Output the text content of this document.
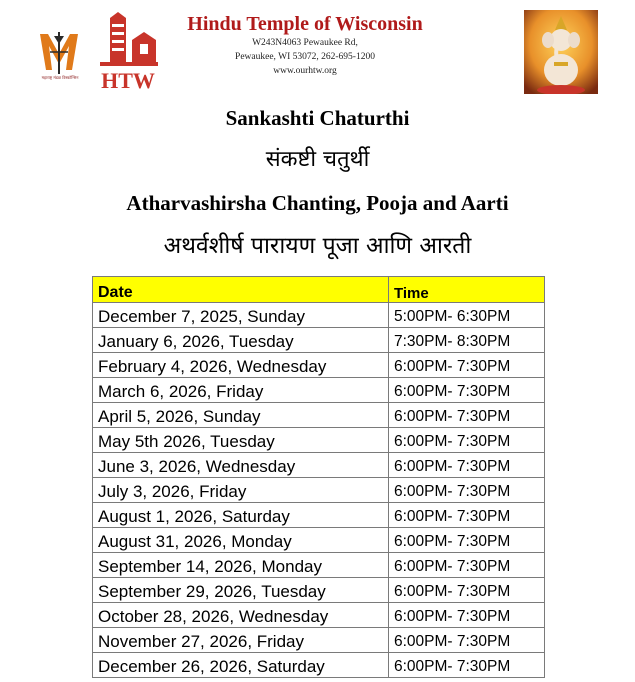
महाराष्ट्र मंडळ विस्कॉन्सिन HTW

Hindu Temple of Wisconsin

W243N4063 Pewaukee Rd,

Pewaukee, WI 53072, 262-695-1200

www.ourhtw.org

Sankashti Chaturthi

संकष्टी चतुर्थी

Atharvashirsha Chanting, Pooja and Aarti

अथर्वशीर्ष पारायण पूजा आणि आरती

Date	Time
December 7, 2025, Sunday	5:00PM- 6:30PM
January 6, 2026, Tuesday	7:30PM- 8:30PM
February 4, 2026, Wednesday	6:00PM- 7:30PM
March 6, 2026, Friday	6:00PM- 7:30PM
April 5, 2026, Sunday	6:00PM- 7:30PM
May 5th 2026, Tuesday	6:00PM- 7:30PM
June 3, 2026, Wednesday	6:00PM- 7:30PM
July 3, 2026, Friday	6:00PM- 7:30PM
August 1, 2026, Saturday	6:00PM- 7:30PM
August 31, 2026, Monday	6:00PM- 7:30PM
September 14, 2026, Monday	6:00PM- 7:30PM
September 29, 2026, Tuesday	6:00PM- 7:30PM
October 28, 2026, Wednesday	6:00PM- 7:30PM
November 27, 2026, Friday	6:00PM- 7:30PM
December 26, 2026, Saturday	6:00PM- 7:30PM
